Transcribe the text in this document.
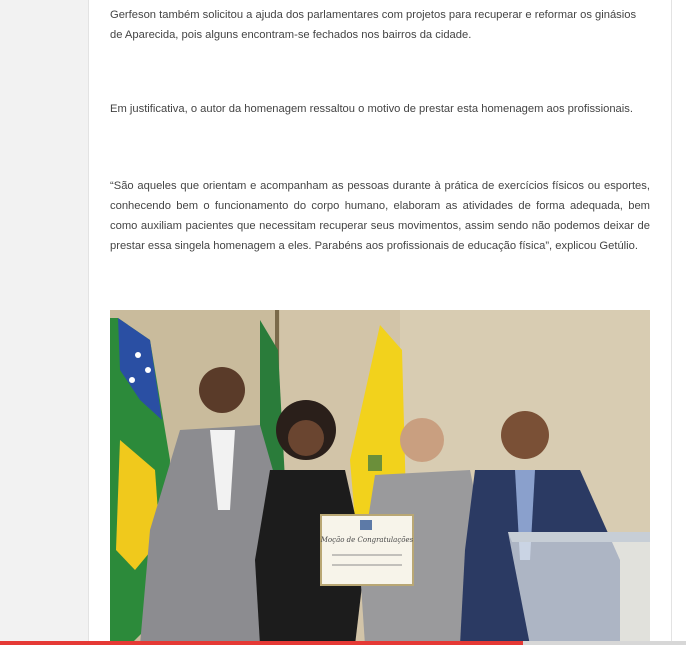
Gerfeson também solicitou a ajuda dos parlamentares com projetos para recuperar e reformar os ginásios de Aparecida, pois alguns encontram-se fechados nos bairros da cidade.

Em justificativa, o autor da homenagem ressaltou o motivo de prestar esta homenagem aos profissionais.

“São aqueles que orientam e acompanham as pessoas durante à prática de exercícios físicos ou esportes, conhecendo bem o funcionamento do corpo humano, elaboram as atividades de forma adequada, bem como auxiliam pacientes que necessitam recuperar seus movimentos, assim sendo não podemos deixar de prestar essa singela homenagem a eles. Parabéns aos profissionais de educação física”, explicou Getúlio.

Moção de Congratulações
